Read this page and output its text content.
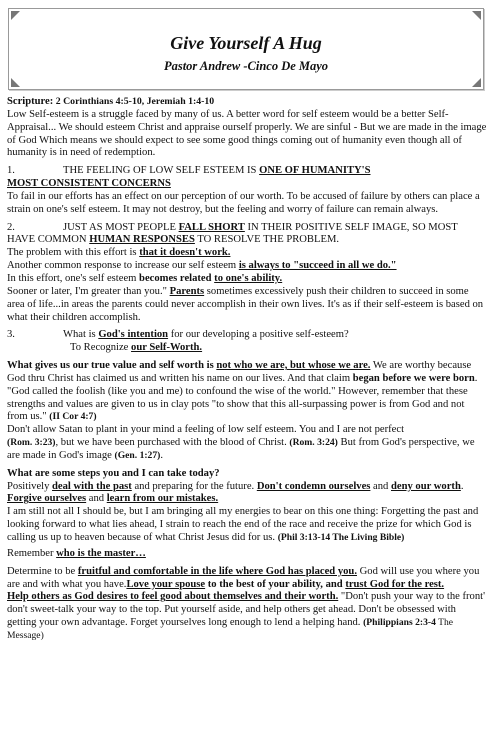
Give Yourself A Hug
Pastor Andrew -Cinco De Mayo

Scripture: 2 Corinthians 4:5-10, Jeremiah 1:4-10

Low Self-esteem is a struggle faced by many of us. A better word for self esteem would be a better Self-Appraisal... We should esteem Christ and appraise ourself properly. We are sinful - But we are made in the image of God Which means we should expect to see some good things coming out of humanity even though all of humanity is in need of redemption.

1.	THE FEELING OF LOW SELF ESTEEM IS ONE OF HUMANITY'S

MOST CONSISTENT CONCERNS

To fail in our efforts has an effect on our perception of our worth. To be accused of failure by others can place a strain on one's self esteem. It may not destroy, but the feeling and worry of failure can remain always.

2.	JUST AS MOST PEOPLE FALL SHORT IN THEIR POSITIVE SELF IMAGE, SO MOST

HAVE COMMON HUMAN RESPONSES TO RESOLVE THE PROBLEM.

The problem with this effort is that it doesn't work.

Another common response to increase our self esteem is always to "succeed in all we do."

In this effort, one's self esteem becomes related to one's ability.

Sooner or later, I'm greater than you." Parents sometimes excessively push their children to succeed in some area of life...in areas the parents could never accomplish in their own lives. It's as if their self-esteem is based on what their children accomplish.

3.	What is God's intention for our developing a positive self-esteem?

To Recognize our Self-Worth.

What gives us our true value and self worth is not who we are, but whose we are. We are worthy because God thru Christ has claimed us and written his name on our lives. And that claim began before we were born.

"God called the foolish (like you and me) to confound the wise of the world." However, remember that these strengths and values are given to us in clay pots "to show that this all-surpassing power is from God and not from us." (II Cor 4:7)

Don't allow Satan to plant in your mind a feeling of low self esteem. You and I are not perfect
(Rom. 3:23), but we have been purchased with the blood of Christ. (Rom. 3:24) But from God's perspective, we are made in God's image (Gen. 1:27).

What are some steps you and I can take today?

Positively deal with the past and preparing for the future. Don't condemn ourselves and deny our worth. Forgive ourselves and learn from our mistakes.

I am still not all I should be, but I am bringing all my energies to bear on this one thing: Forgetting the past and looking forward to what lies ahead, I strain to reach the end of the race and receive the prize for which God is calling us up to heaven because of what Christ Jesus did for us. (Phil 3:13-14 The Living Bible)

Remember who is the master…

Determine to be fruitful and comfortable in the life where God has placed you. God will use you where you are and with what you have.Love your spouse to the best of your ability, and trust God for the rest.

Help others as God desires to feel good about themselves and their worth. "Don't push your way to the front' don't sweet-talk your way to the top. Put yourself aside, and help others get ahead. Don't be obsessed with getting your own advantage. Forget yourselves long enough to lend a helping hand. (Philippians 2:3-4 The Message)
